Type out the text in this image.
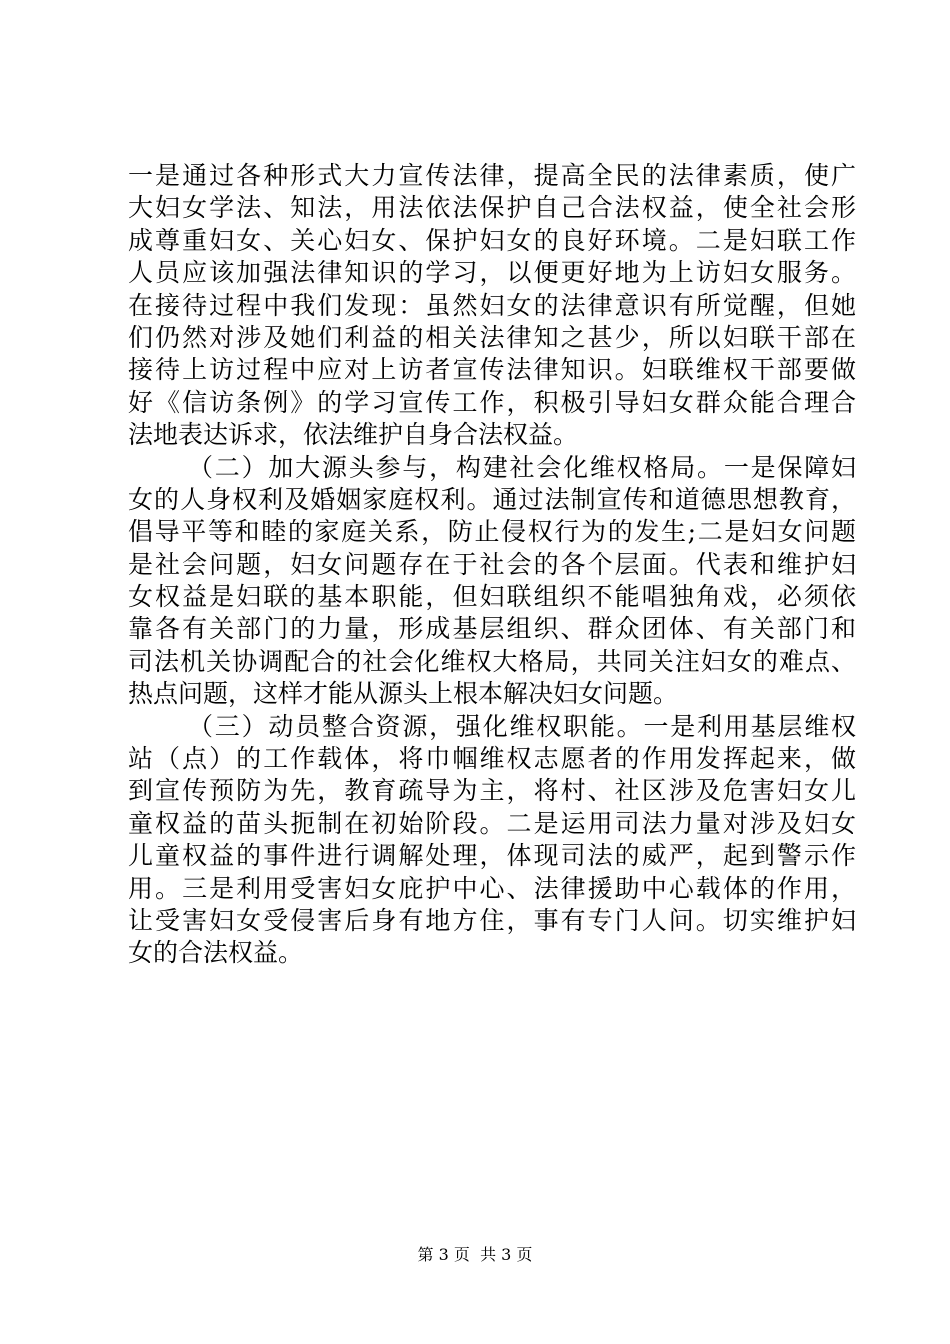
一是通过各种形式大力宣传法律，提高全民的法律素质，使广
大妇女学法、知法，用法依法保护自己合法权益，使全社会形
成尊重妇女、关心妇女、保护妇女的良好环境。二是妇联工作
人员应该加强法律知识的学习，以便更好地为上访妇女服务。
在接待过程中我们发现：虽然妇女的法律意识有所觉醒，但她
们仍然对涉及她们利益的相关法律知之甚少，所以妇联干部在
接待上访过程中应对上访者宣传法律知识。妇联维权干部要做
好《信访条例》的学习宣传工作，积极引导妇女群众能合理合
法地表达诉求，依法维护自身合法权益。
（二）加大源头参与，构建社会化维权格局。一是保障妇
女的人身权利及婚姻家庭权利。通过法制宣传和道德思想教育，
倡导平等和睦的家庭关系，防止侵权行为的发生;二是妇女问题
是社会问题，妇女问题存在于社会的各个层面。代表和维护妇
女权益是妇联的基本职能，但妇联组织不能唱独角戏，必须依
靠各有关部门的力量，形成基层组织、群众团体、有关部门和
司法机关协调配合的社会化维权大格局，共同关注妇女的难点、
热点问题，这样才能从源头上根本解决妇女问题。
（三）动员整合资源，强化维权职能。一是利用基层维权
站（点）的工作载体，将巾帼维权志愿者的作用发挥起来，做
到宣传预防为先，教育疏导为主，将村、社区涉及危害妇女儿
童权益的苗头扼制在初始阶段。二是运用司法力量对涉及妇女
儿童权益的事件进行调解处理，体现司法的威严，起到警示作
用。三是利用受害妇女庇护中心、法律援助中心载体的作用，
让受害妇女受侵害后身有地方住，事有专门人问。切实维护妇
女的合法权益。
第 3 页  共 3 页
